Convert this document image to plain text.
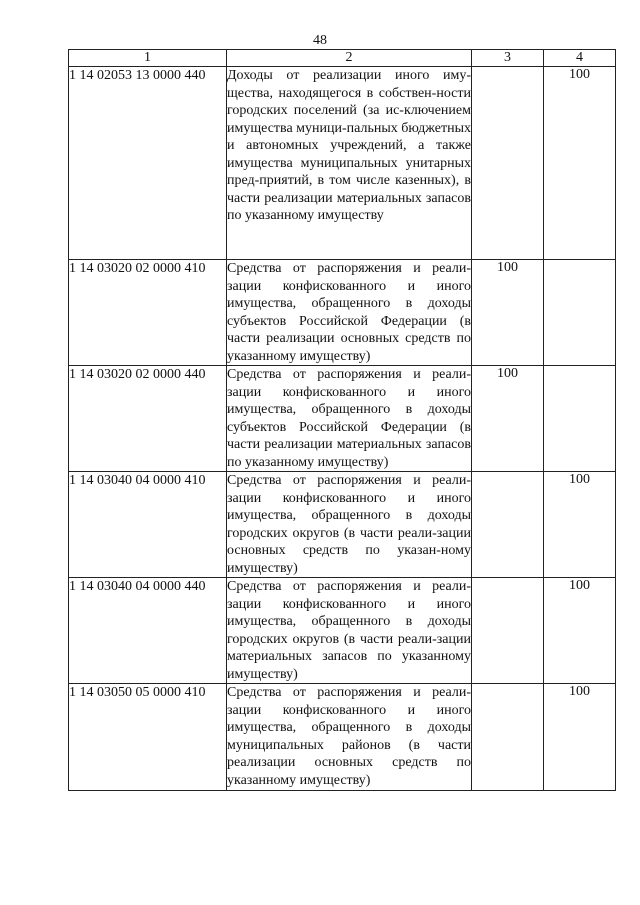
48
1	2	3	4
1 14 02053 13 0000 440	Доходы от реализации иного иму-ществa, находящегося в собствен-ности городских поселений (за ис-ключением имущества муници-пальных бюджетных и автономных учреждений, а также имущества муниципальных унитарных пред-приятий, в том числе казенных), в части реализации материальных запасов по указанному имуществу		100
1 14 03020 02 0000 410	Средства от распоряжения и реали-зации конфискованного и иного имущества, обращенного в доходы субъектов Российской Федерации (в части реализации основных средств по указанному имуществу)	100	
1 14 03020 02 0000 440	Средства от распоряжения и реали-зации конфискованного и иного имущества, обращенного в доходы субъектов Российской Федерации (в части реализации материальных запасов по указанному имуществу)	100	
1 14 03040 04 0000 410	Средства от распоряжения и реали-зации конфискованного и иного имущества, обращенного в доходы городских округов (в части реали-зации основных средств по указан-ному имуществу)		100
1 14 03040 04 0000 440	Средства от распоряжения и реали-зации конфискованного и иного имущества, обращенного в доходы городских округов (в части реали-зации материальных запасов по указанному имуществу)		100
1 14 03050 05 0000 410	Средства от распоряжения и реали-зации конфискованного и иного имущества, обращенного в доходы муниципальных районов (в части реализации основных средств по указанному имуществу)		100
